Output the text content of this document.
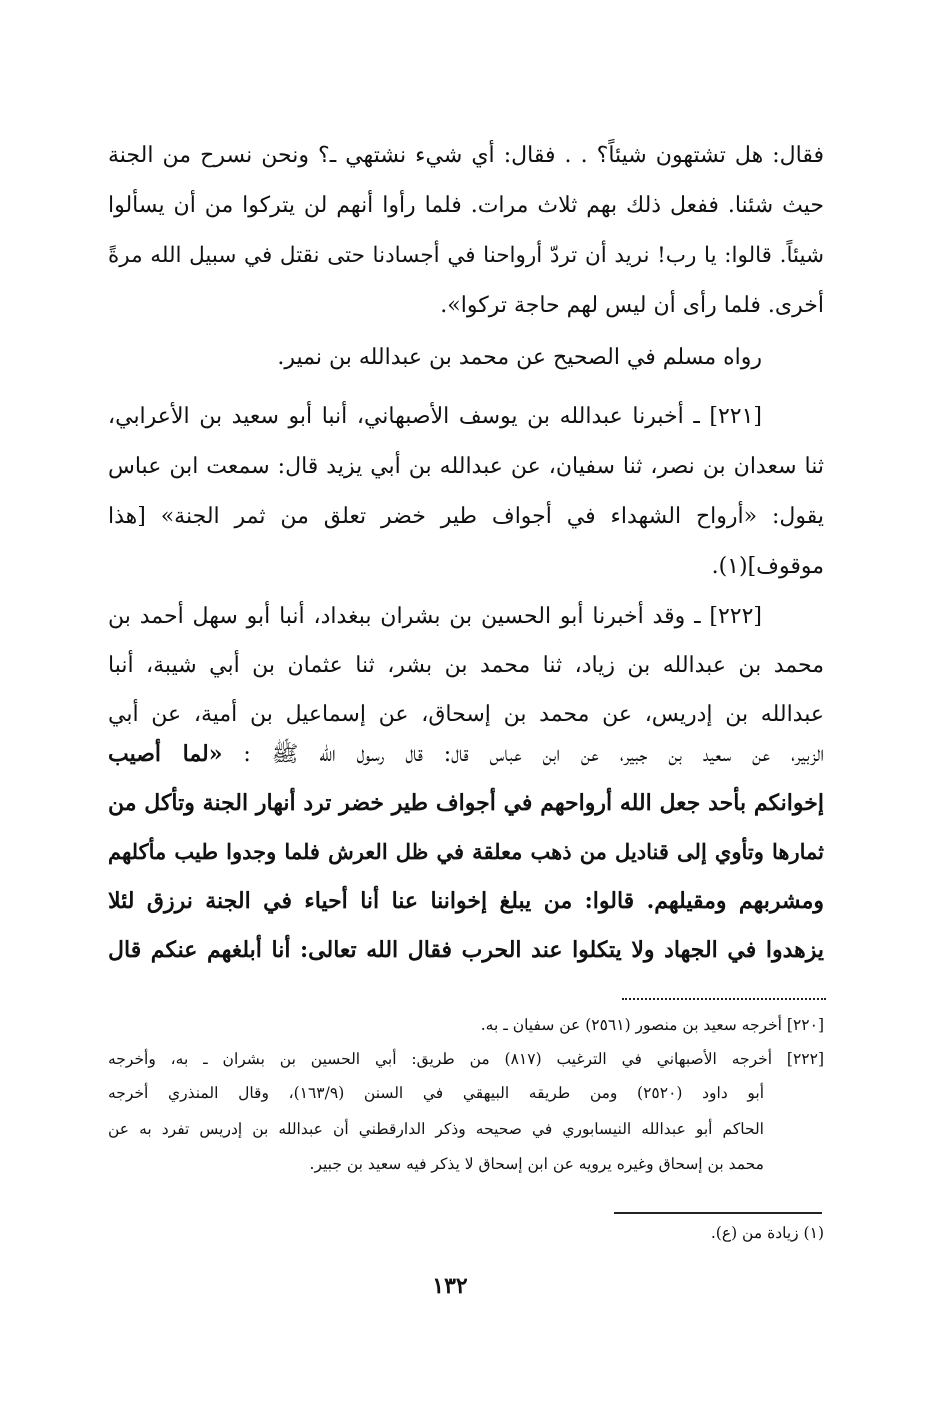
فقال: هل تشتهون شيئاً؟ . . فقال: أي شيء نشتهي ـ؟ ونحن نسرح من الجنة
حيث شئنا. ففعل ذلك بهم ثلاث مرات. فلما رأوا أنهم لن يتركوا من أن يسألوا
شيئاً. قالوا: يا رب! نريد أن تردّ أرواحنا في أجسادنا حتى نقتل في سبيل الله مرةً
أخرى. فلما رأى أن ليس لهم حاجة تركوا».
رواه مسلم في الصحيح عن محمد بن عبدالله بن نمير.
[٢٢١] ـ أخبرنا عبدالله بن يوسف الأصبهاني، أنبا أبو سعيد بن الأعرابي،
ثنا سعدان بن نصر، ثنا سفيان، عن عبدالله بن أبي يزيد قال: سمعت ابن عباس
يقول: «أرواح الشهداء في أجواف طير خضر تعلق من ثمر الجنة» [هذا
موقوف](١).
[٢٢٢] ـ وقد أخبرنا أبو الحسين بن بشران ببغداد، أنبا أبو سهل أحمد بن
محمد بن عبدالله بن زياد، ثنا محمد بن بشر، ثنا عثمان بن أبي شيبة، أنبا
عبدالله بن إدريس، عن محمد بن إسحاق، عن إسماعيل بن أمية، عن أبي
الزبير، عن سعيد بن جبير، عن ابن عباس قال: قال رسول الله ﷺ : «لما أصيب
إخوانكم بأحد جعل الله أرواحهم في أجواف طير خضر ترد أنهار الجنة وتأكل من
ثمارها وتأوي إلى قناديل من ذهب معلقة في ظل العرش فلما وجدوا طيب مأكلهم
ومشربهم ومقيلهم. قالوا: من يبلغ إخواننا عنا أنا أحياء في الجنة نرزق لئلا
يزهدوا في الجهاد ولا يتكلوا عند الحرب فقال الله تعالى: أنا أبلغهم عنكم قال
[٢٢٠] أخرجه سعيد بن منصور (٢٥٦١) عن سفيان ـ به.
[٢٢٢] أخرجه الأصبهاني في الترغيب (٨١٧) من طريق: أبي الحسين بن بشران ـ به، وأخرجه
أبو داود (٢٥٢٠) ومن طريقه البيهقي في السنن (١٦٣/٩)، وقال المنذري أخرجه
الحاكم أبو عبدالله النيسابوري في صحيحه وذكر الدارقطني أن عبدالله بن إدريس تفرد به عن
محمد بن إسحاق وغيره يرويه عن ابن إسحاق لا يذكر فيه سعيد بن جبير.
(١) زيادة من (ع).
١٣٢
